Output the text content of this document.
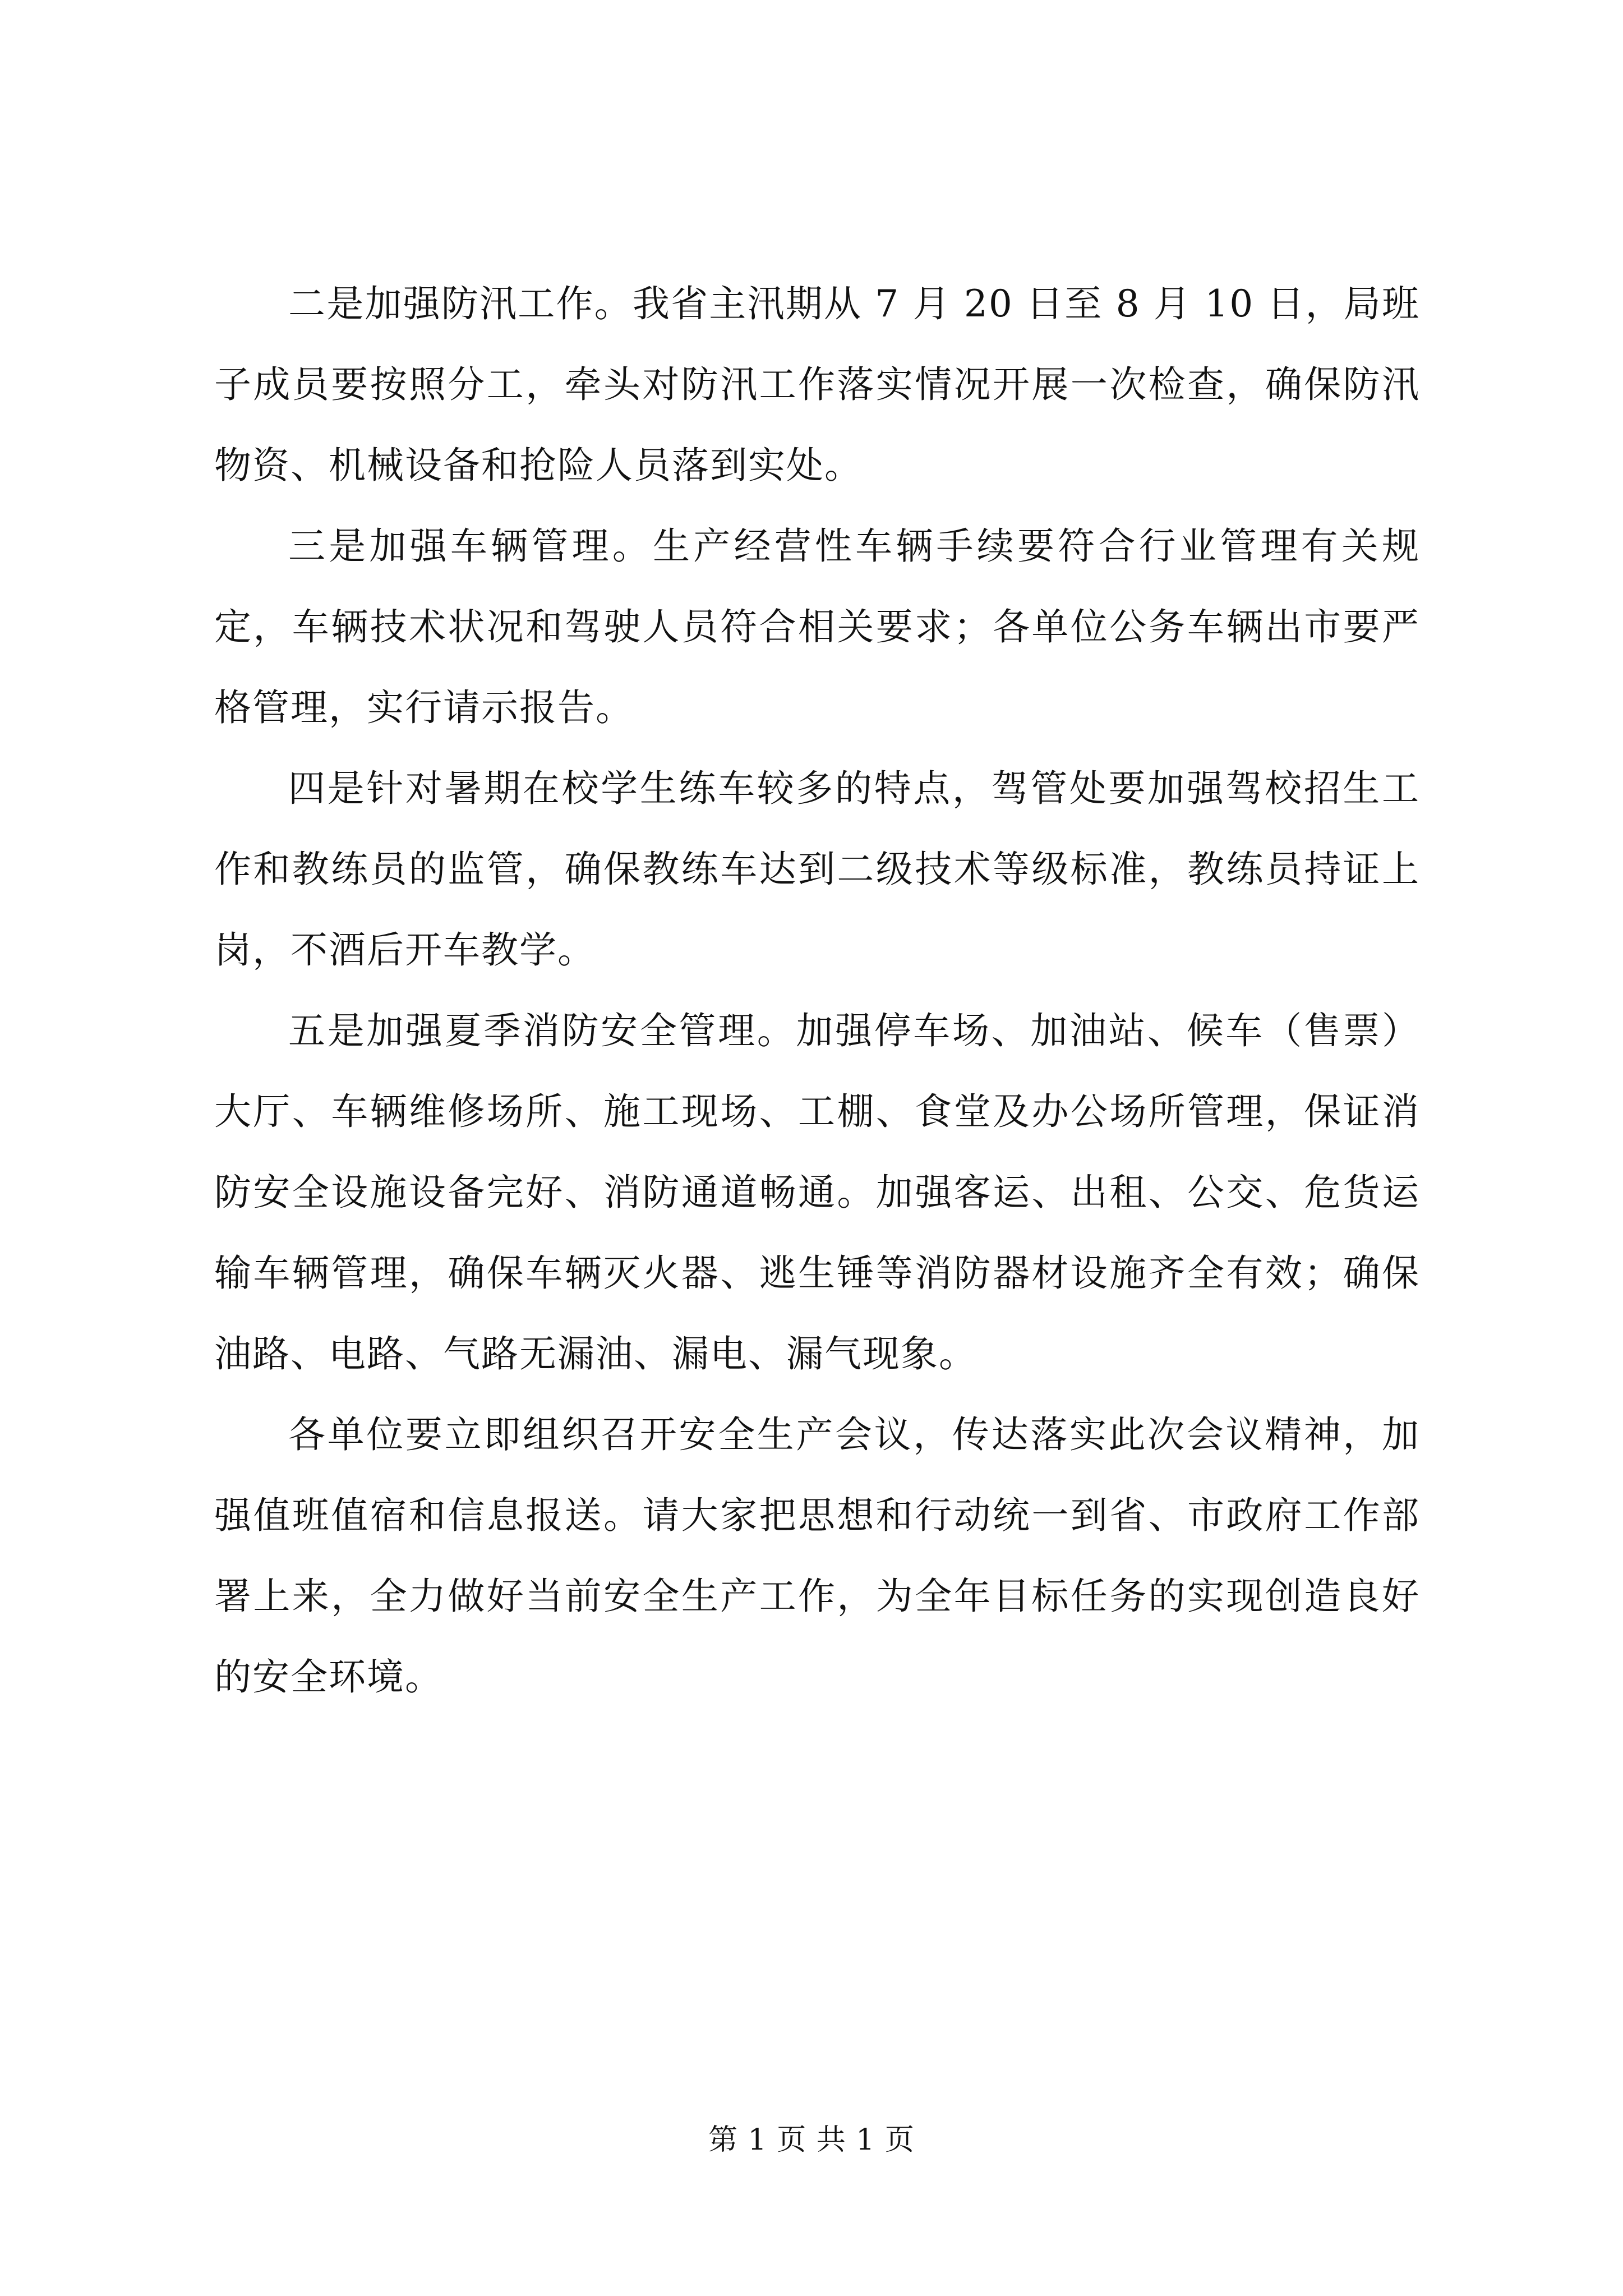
二是加强防汛工作。我省主汛期从 7 月 20 日至 8 月 10 日，局班子成员要按照分工，牵头对防汛工作落实情况开展一次检查，确保防汛物资、机械设备和抢险人员落到实处。

三是加强车辆管理。生产经营性车辆手续要符合行业管理有关规定，车辆技术状况和驾驶人员符合相关要求；各单位公务车辆出市要严格管理，实行请示报告。

四是针对暑期在校学生练车较多的特点，驾管处要加强驾校招生工作和教练员的监管，确保教练车达到二级技术等级标准，教练员持证上岗，不酒后开车教学。

五是加强夏季消防安全管理。加强停车场、加油站、候车（售票）大厅、车辆维修场所、施工现场、工棚、食堂及办公场所管理，保证消防安全设施设备完好、消防通道畅通。加强客运、出租、公交、危货运输车辆管理，确保车辆灭火器、逃生锤等消防器材设施齐全有效；确保油路、电路、气路无漏油、漏电、漏气现象。

各单位要立即组织召开安全生产会议，传达落实此次会议精神，加强值班值宿和信息报送。请大家把思想和行动统一到省、市政府工作部署上来，全力做好当前安全生产工作，为全年目标任务的实现创造良好的安全环境。

第 1 页 共 1 页
